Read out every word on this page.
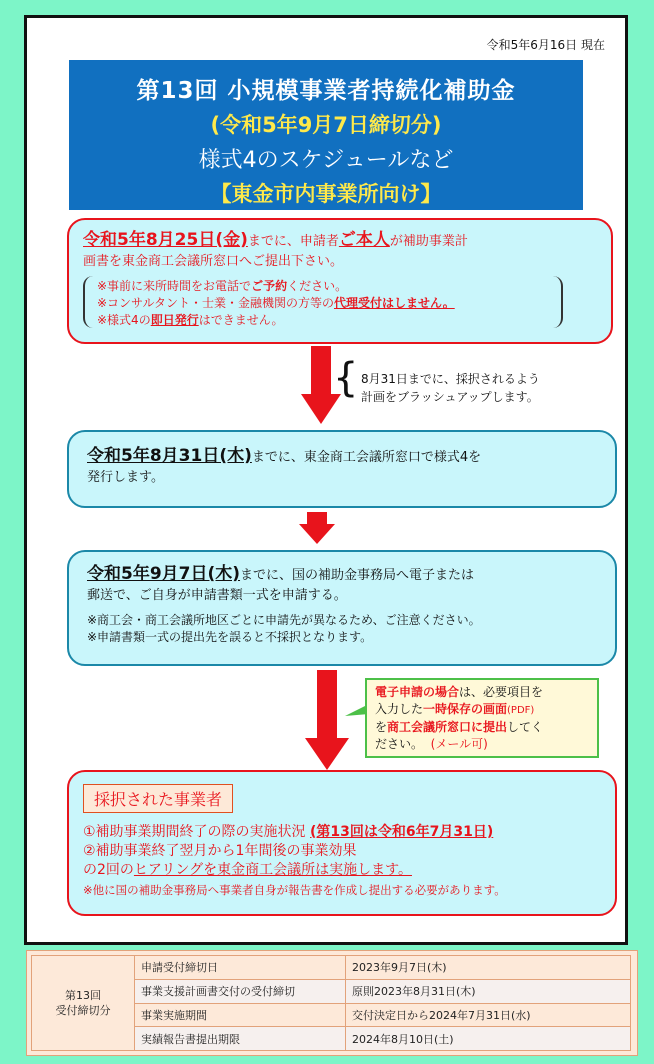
令和5年6月16日 現在
第13回 小規模事業者持続化補助金
(令和5年9月7日締切分)
様式4のスケジュールなど
【東金市内事業所向け】
令和5年8月25日(金)までに、申請者ご本人が補助事業計
画書を東金商工会議所窓口へご提出下さい。
※事前に来所時間をお電話でご予約ください。
※コンサルタント・士業・金融機関の方等の代理受付はしません。
※様式4の即日発行はできません。
{ 8月31日までに、採択されるよう
計画をブラッシュアップします。
令和5年8月31日(木)までに、東金商工会議所窓口で様式4を
発行します。
令和5年9月7日(木)までに、国の補助金事務局へ電子または
郵送で、ご自身が申請書類一式を申請する。
※商工会・商工会議所地区ごとに申請先が異なるため、ご注意ください。
※申請書類一式の提出先を誤ると不採択となります。
電子申請の場合は、必要項目を
入力した一時保存の画面(PDF)
を商工会議所窓口に提出してく
ださい。 (メール可)
採択された事業者
①補助事業期間終了の際の実施状況 (第13回は令和6年7月31日)
②補助事業終了翌月から1年間後の事業効果
の2回のヒアリングを東金商工会議所は実施します。
※他に国の補助金事務局へ事業者自身が報告書を作成し提出する必要があります。
第13回
受付締切分	申請受付締切日	2023年9月7日(木)
	事業支援計画書交付の受付締切	原則2023年8月31日(木)
	事業実施期間	交付決定日から2024年7月31日(水)
	実績報告書提出期限	2024年8月10日(土)
